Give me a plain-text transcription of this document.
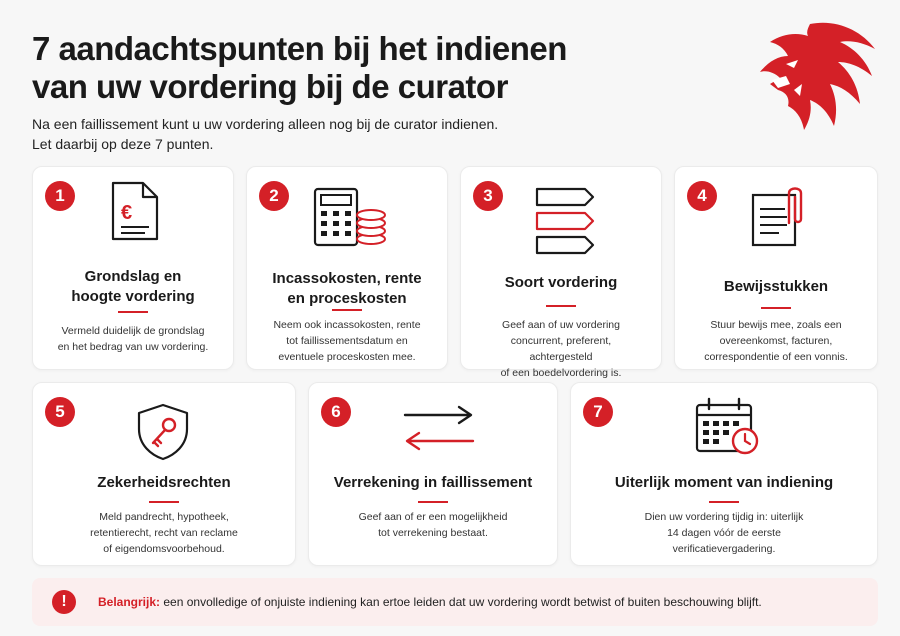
7 aandachtspunten bij het indienen
van uw vordering bij de curator
Na een faillissement kunt u uw vordering alleen nog bij de curator indienen.
Let daarbij op deze 7 punten.
1
€
Grondslag en
hoogte vordering
Vermeld duidelijk de grondslag
en het bedrag van uw vordering.
2
Incassokosten, rente
en proceskosten
Neem ook incassokosten, rente
tot faillissementsdatum en
eventuele proceskosten mee.
3
Soort vordering
Geef aan of uw vordering
concurrent, preferent, achtergesteld
of een boedelvordering is.
4
Bewijsstukken
Stuur bewijs mee, zoals een
overeenkomst, facturen,
correspondentie of een vonnis.
5
Zekerheidsrechten
Meld pandrecht, hypotheek,
retentierecht, recht van reclame
of eigendomsvoorbehoud.
6
Verrekening in faillissement
Geef aan of er een mogelijkheid
tot verrekening bestaat.
7
Uiterlijk moment van indiening
Dien uw vordering tijdig in: uiterlijk
14 dagen vóór de eerste
verificatievergadering.
!	Belangrijk: een onvolledige of onjuiste indiening kan ertoe leiden dat uw vordering wordt betwist of buiten beschouwing blijft.
